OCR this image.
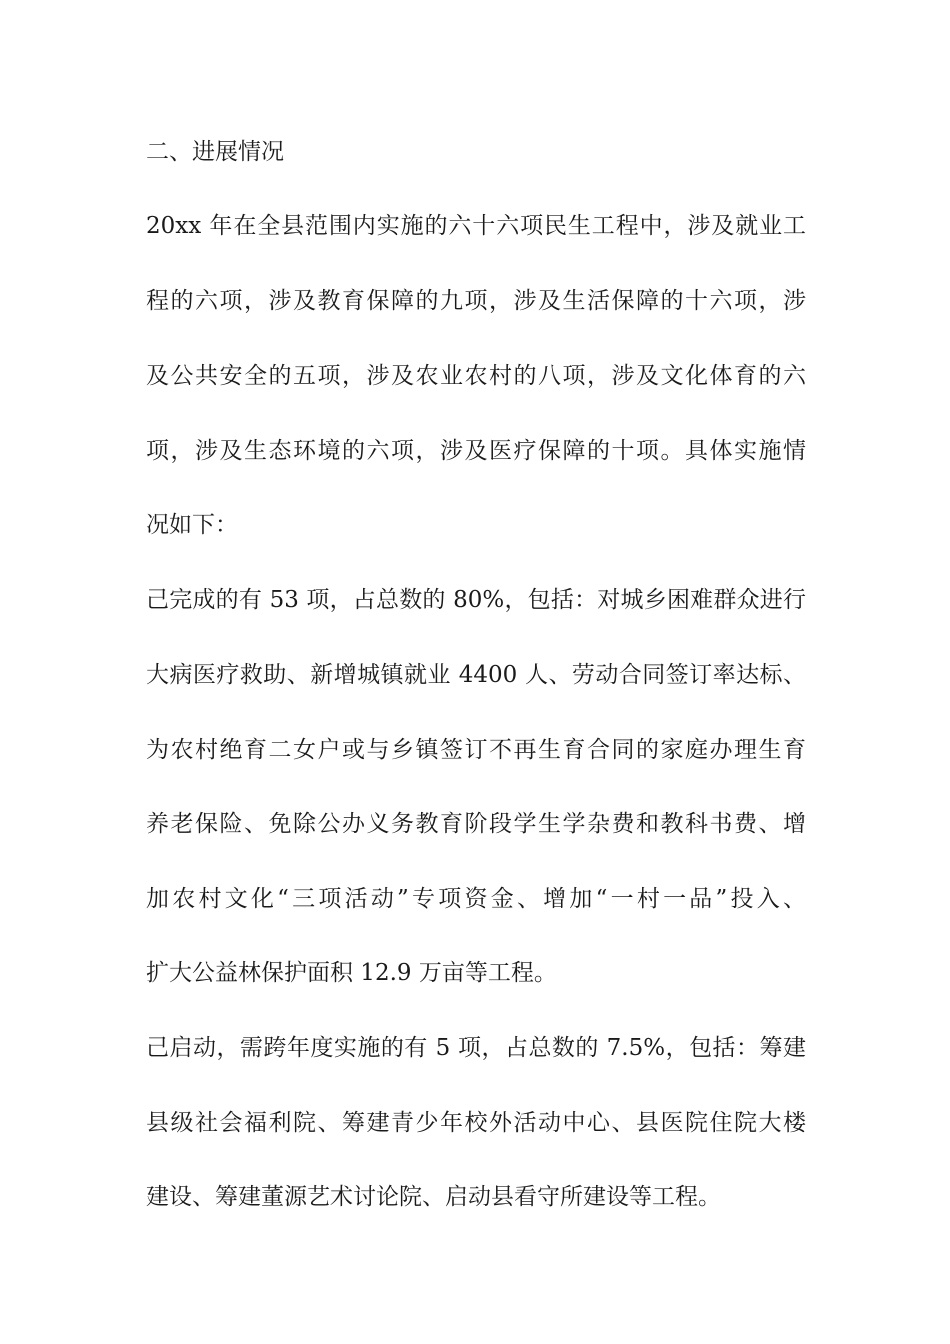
二、进展情况
20xx 年在全县范围内实施的六十六项民生工程中，涉及就业工
程的六项，涉及教育保障的九项，涉及生活保障的十六项，涉
及公共安全的五项，涉及农业农村的八项，涉及文化体育的六
项，涉及生态环境的六项，涉及医疗保障的十项。具体实施情
况如下：
己完成的有 53 项，占总数的 80%，包括：对城乡困难群众进行
大病医疗救助、新增城镇就业 4400 人、劳动合同签订率达标、
为农村绝育二女户或与乡镇签订不再生育合同的家庭办理生育
养老保险、免除公办义务教育阶段学生学杂费和教科书费、增
加农村文化“三项活动”专项资金、增加“一村一品”投入、
扩大公益林保护面积 12.9 万亩等工程。
己启动，需跨年度实施的有 5 项，占总数的 7.5%，包括：筹建
县级社会福利院、筹建青少年校外活动中心、县医院住院大楼
建设、筹建董源艺术讨论院、启动县看守所建设等工程。
